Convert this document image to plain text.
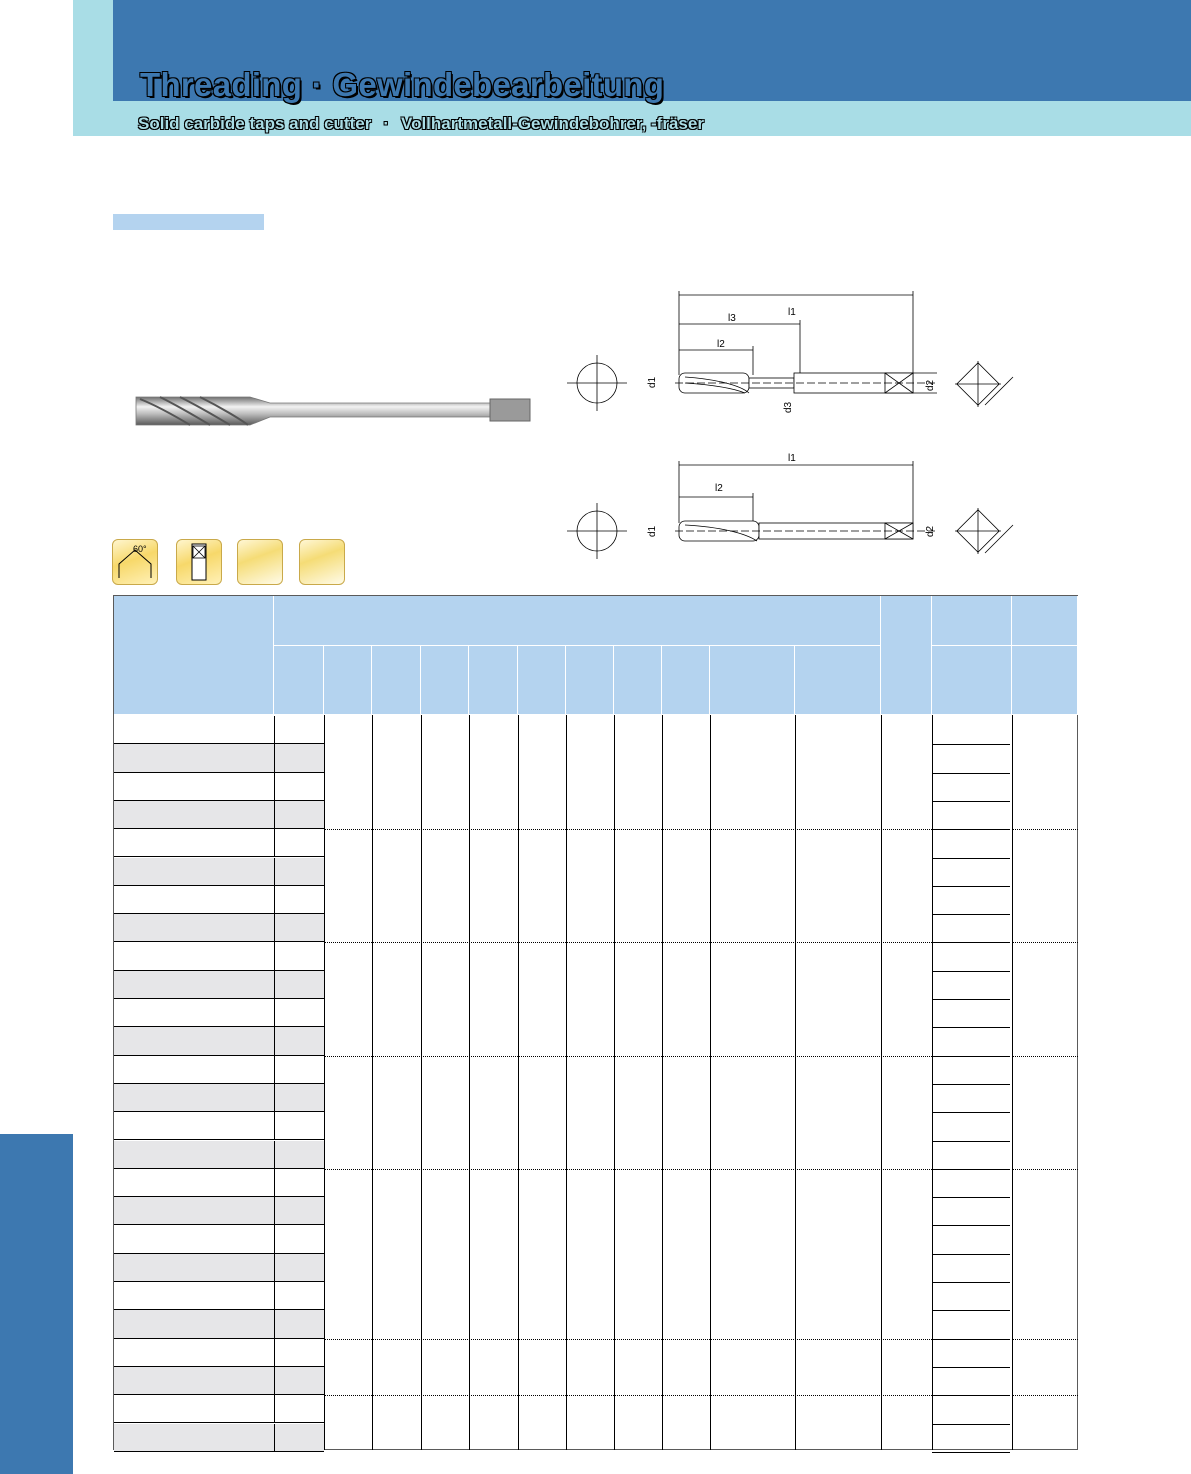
Threading · Gewindebearbeitung
Solid carbide taps and cutter · Vollhartmetall-Gewindebohrer, -fräser
l1
l3
l2
d1
d3
d2
l1
l2
d1	d2
60°
